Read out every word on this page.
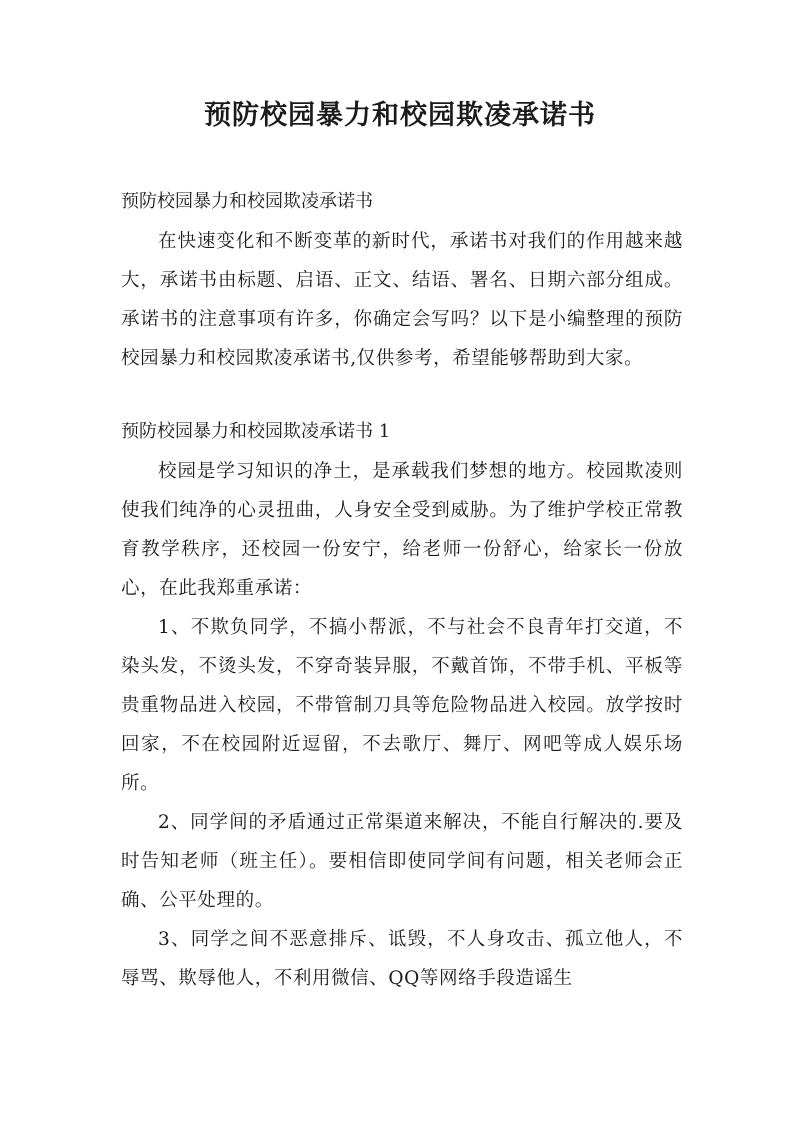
预防校园暴力和校园欺凌承诺书

预防校园暴力和校园欺凌承诺书

在快速变化和不断变革的新时代，承诺书对我们的作用越来越大，承诺书由标题、启语、正文、结语、署名、日期六部分组成。承诺书的注意事项有许多，你确定会写吗？以下是小编整理的预防校园暴力和校园欺凌承诺书,仅供参考，希望能够帮助到大家。

预防校园暴力和校园欺凌承诺书 1

校园是学习知识的净土，是承载我们梦想的地方。校园欺凌则使我们纯净的心灵扭曲，人身安全受到威胁。为了维护学校正常教育教学秩序，还校园一份安宁，给老师一份舒心，给家长一份放心，在此我郑重承诺：

1、不欺负同学，不搞小帮派，不与社会不良青年打交道，不染头发，不烫头发，不穿奇装异服，不戴首饰，不带手机、平板等贵重物品进入校园，不带管制刀具等危险物品进入校园。放学按时回家，不在校园附近逗留，不去歌厅、舞厅、网吧等成人娱乐场所。

2、同学间的矛盾通过正常渠道来解决，不能自行解决的.要及时告知老师（班主任）。要相信即使同学间有问题，相关老师会正确、公平处理的。

3、同学之间不恶意排斥、诋毁，不人身攻击、孤立他人，不辱骂、欺辱他人，不利用微信、QQ等网络手段造谣生
